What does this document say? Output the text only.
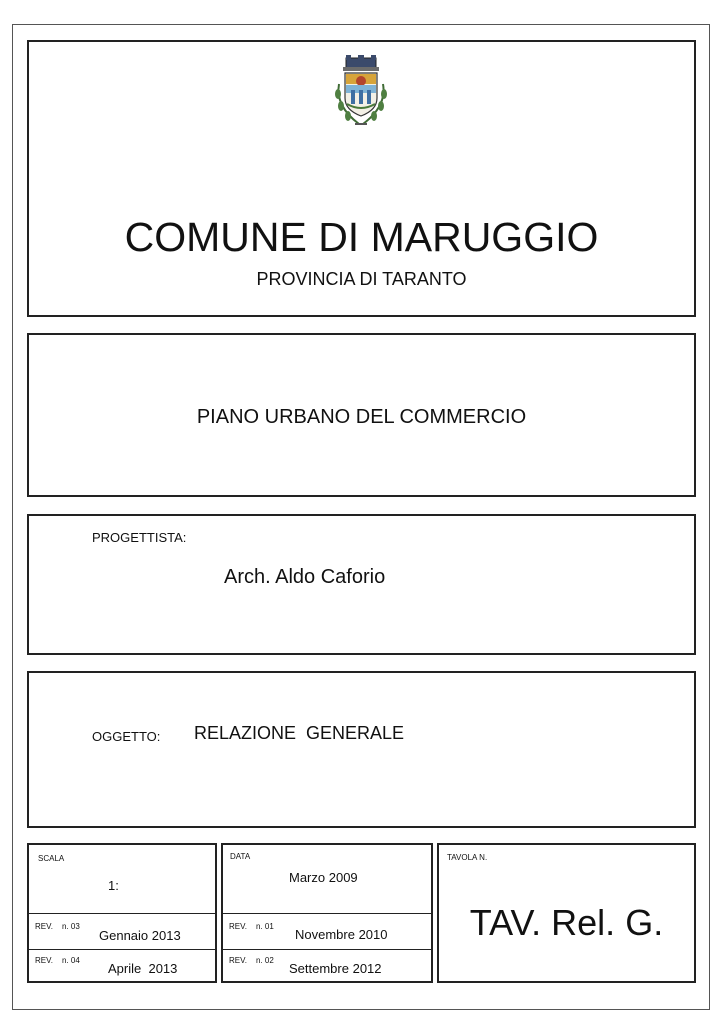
COMUNE DI MARUGGIO
PROVINCIA DI TARANTO
PIANO URBANO DEL COMMERCIO
PROGETTISTA:
Arch. Aldo Caforio
OGGETTO: RELAZIONE  GENERALE
SCALA
1:
REV. n. 03
Gennaio 2013
REV. n. 04
Aprile  2013
DATA
Marzo 2009
REV. n. 01
Novembre 2010
REV. n. 02
Settembre 2012
TAVOLA N.
TAV. Rel. G.
